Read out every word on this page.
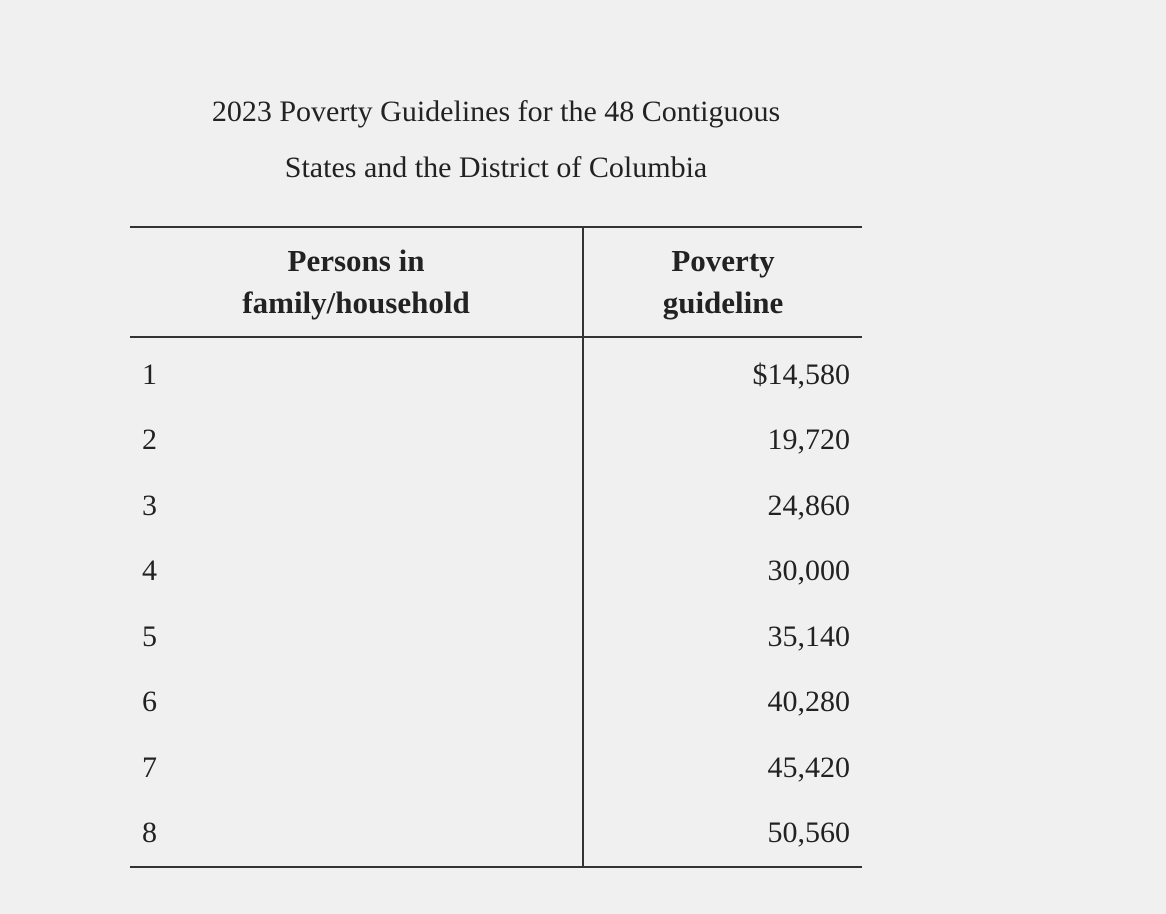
2023 Poverty Guidelines for the 48 Contiguous
States and the District of Columbia
Persons in
family/household	Poverty
guideline
1	$14,580
2	19,720
3	24,860
4	30,000
5	35,140
6	40,280
7	45,420
8	50,560
